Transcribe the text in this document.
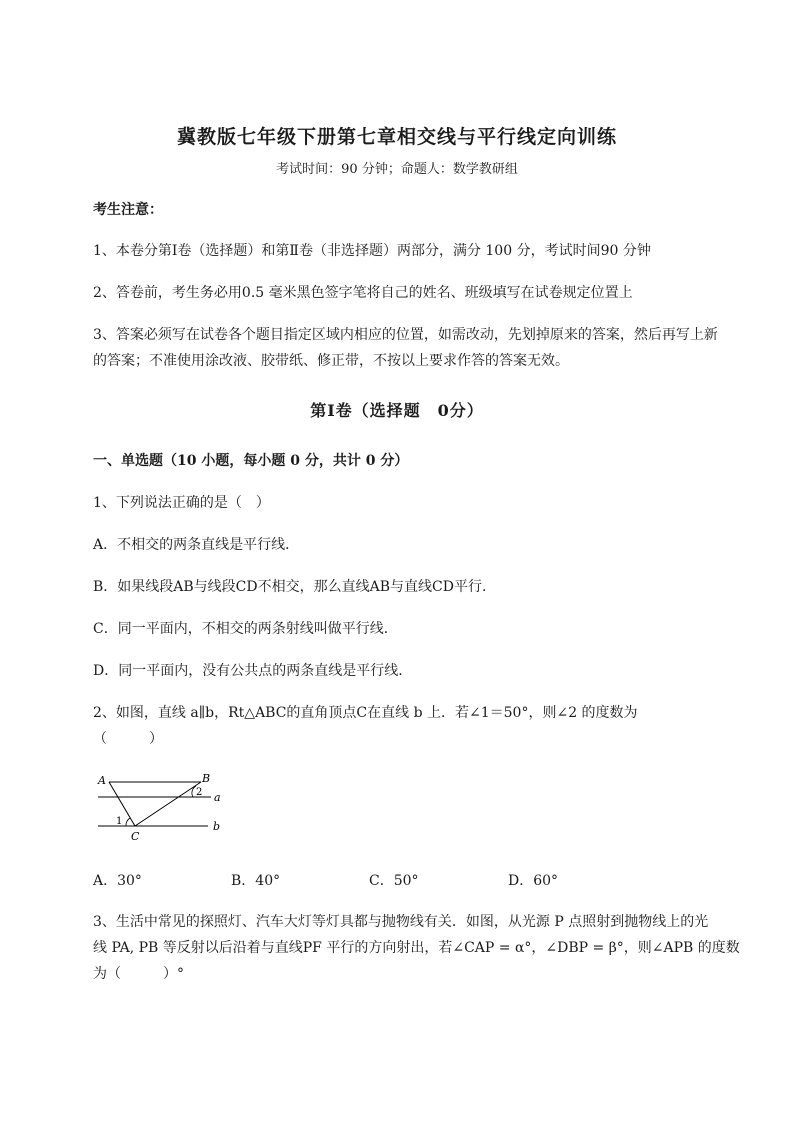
冀教版七年级下册第七章相交线与平行线定向训练
考试时间：90 分钟；命题人：数学教研组
考生注意：
1、本卷分第Ⅰ卷（选择题）和第Ⅱ卷（非选择题）两部分，满分 100 分，考试时间90 分钟
2、答卷前，考生务必用0.5 毫米黑色签字笔将自己的姓名、班级填写在试卷规定位置上
3、答案必须写在试卷各个题目指定区域内相应的位置，如需改动，先划掉原来的答案，然后再写上新
的答案；不准使用涂改液、胶带纸、修正带，不按以上要求作答的答案无效。
第Ⅰ卷（选择题　0分）
一、单选题（10 小题，每小题 0 分，共计 0 分）
1、下列说法正确的是（　）
A．不相交的两条直线是平行线．
B．如果线段AB与线段CD不相交，那么直线AB与直线CD平行．
C．同一平面内，不相交的两条射线叫做平行线．
D．同一平面内，没有公共点的两条直线是平行线．
2、如图，直线 a∥b，Rt△ABC的直角顶点C在直线 b 上．若∠1＝50°，则∠2 的度数为
（　　　）
A	B
C
a
b
1
2
A．30°	B．40°	C．50°	D．60°
3、生活中常见的探照灯、汽车大灯等灯具都与抛物线有关．如图，从光源 P 点照射到抛物线上的光
线 PA, PB 等反射以后沿着与直线PF 平行的方向射出，若∠CAP = α°，∠DBP = β°，则∠APB 的度数
为（　　　）°
